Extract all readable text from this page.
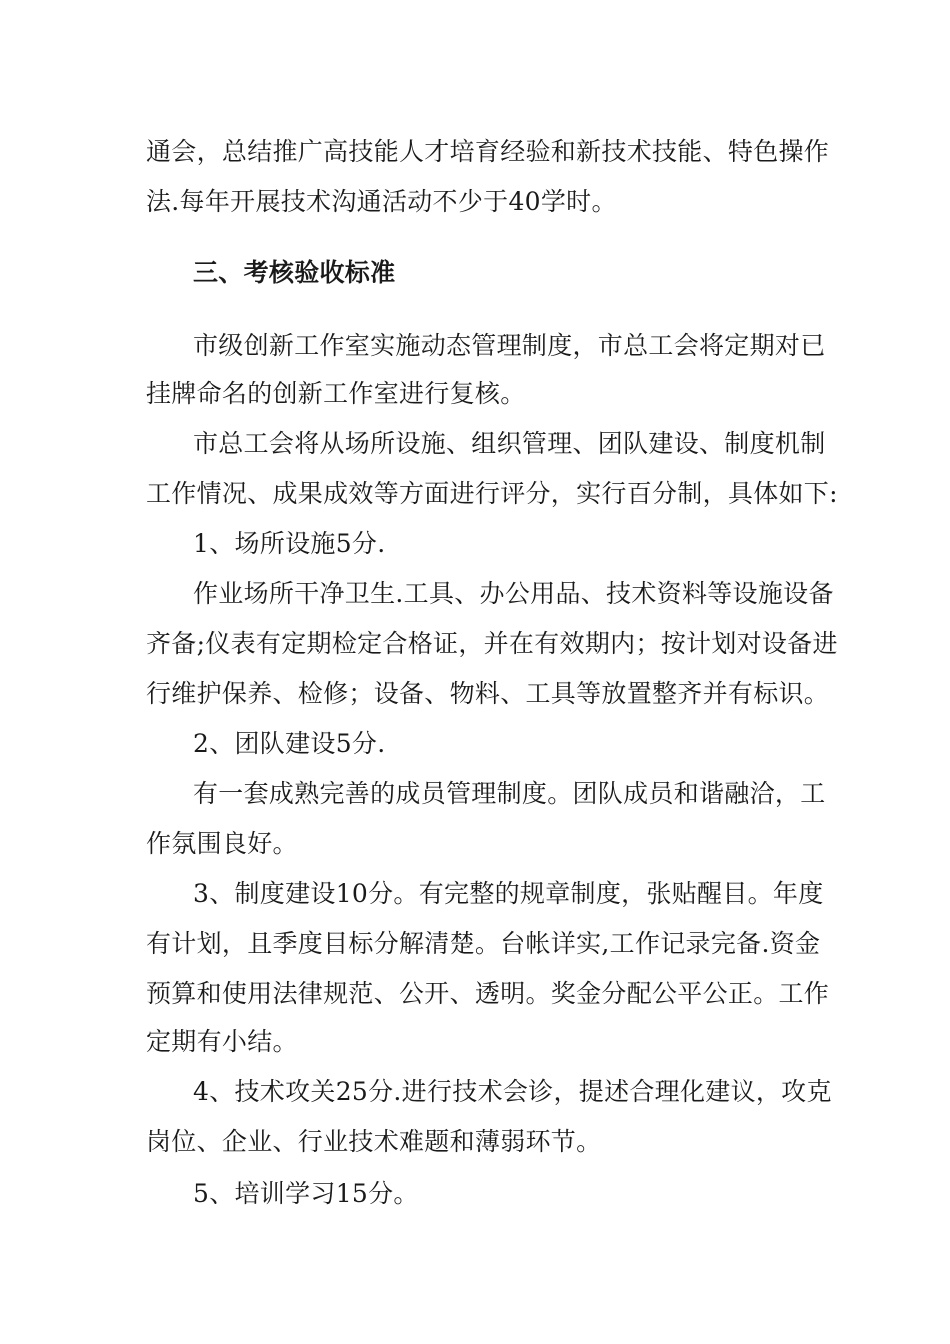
通会，总结推广高技能人才培育经验和新技术技能、特色操作
法.每年开展技术沟通活动不少于40学时。
三、考核验收标准
市级创新工作室实施动态管理制度，市总工会将定期对已
挂牌命名的创新工作室进行复核。
市总工会将从场所设施、组织管理、团队建设、制度机制
工作情况、成果成效等方面进行评分，实行百分制，具体如下:
1、场所设施5分.
作业场所干净卫生.工具、办公用品、技术资料等设施设备
齐备;仪表有定期检定合格证，并在有效期内；按计划对设备进
行维护保养、检修；设备、物料、工具等放置整齐并有标识。
2、团队建设5分.
有一套成熟完善的成员管理制度。团队成员和谐融洽，工
作氛围良好。
3、制度建设10分。有完整的规章制度，张贴醒目。年度
有计划，且季度目标分解清楚。台帐详实,工作记录完备.资金
预算和使用法律规范、公开、透明。奖金分配公平公正。工作
定期有小结。
4、技术攻关25分.进行技术会诊，提述合理化建议，攻克
岗位、企业、行业技术难题和薄弱环节。
5、培训学习15分。
